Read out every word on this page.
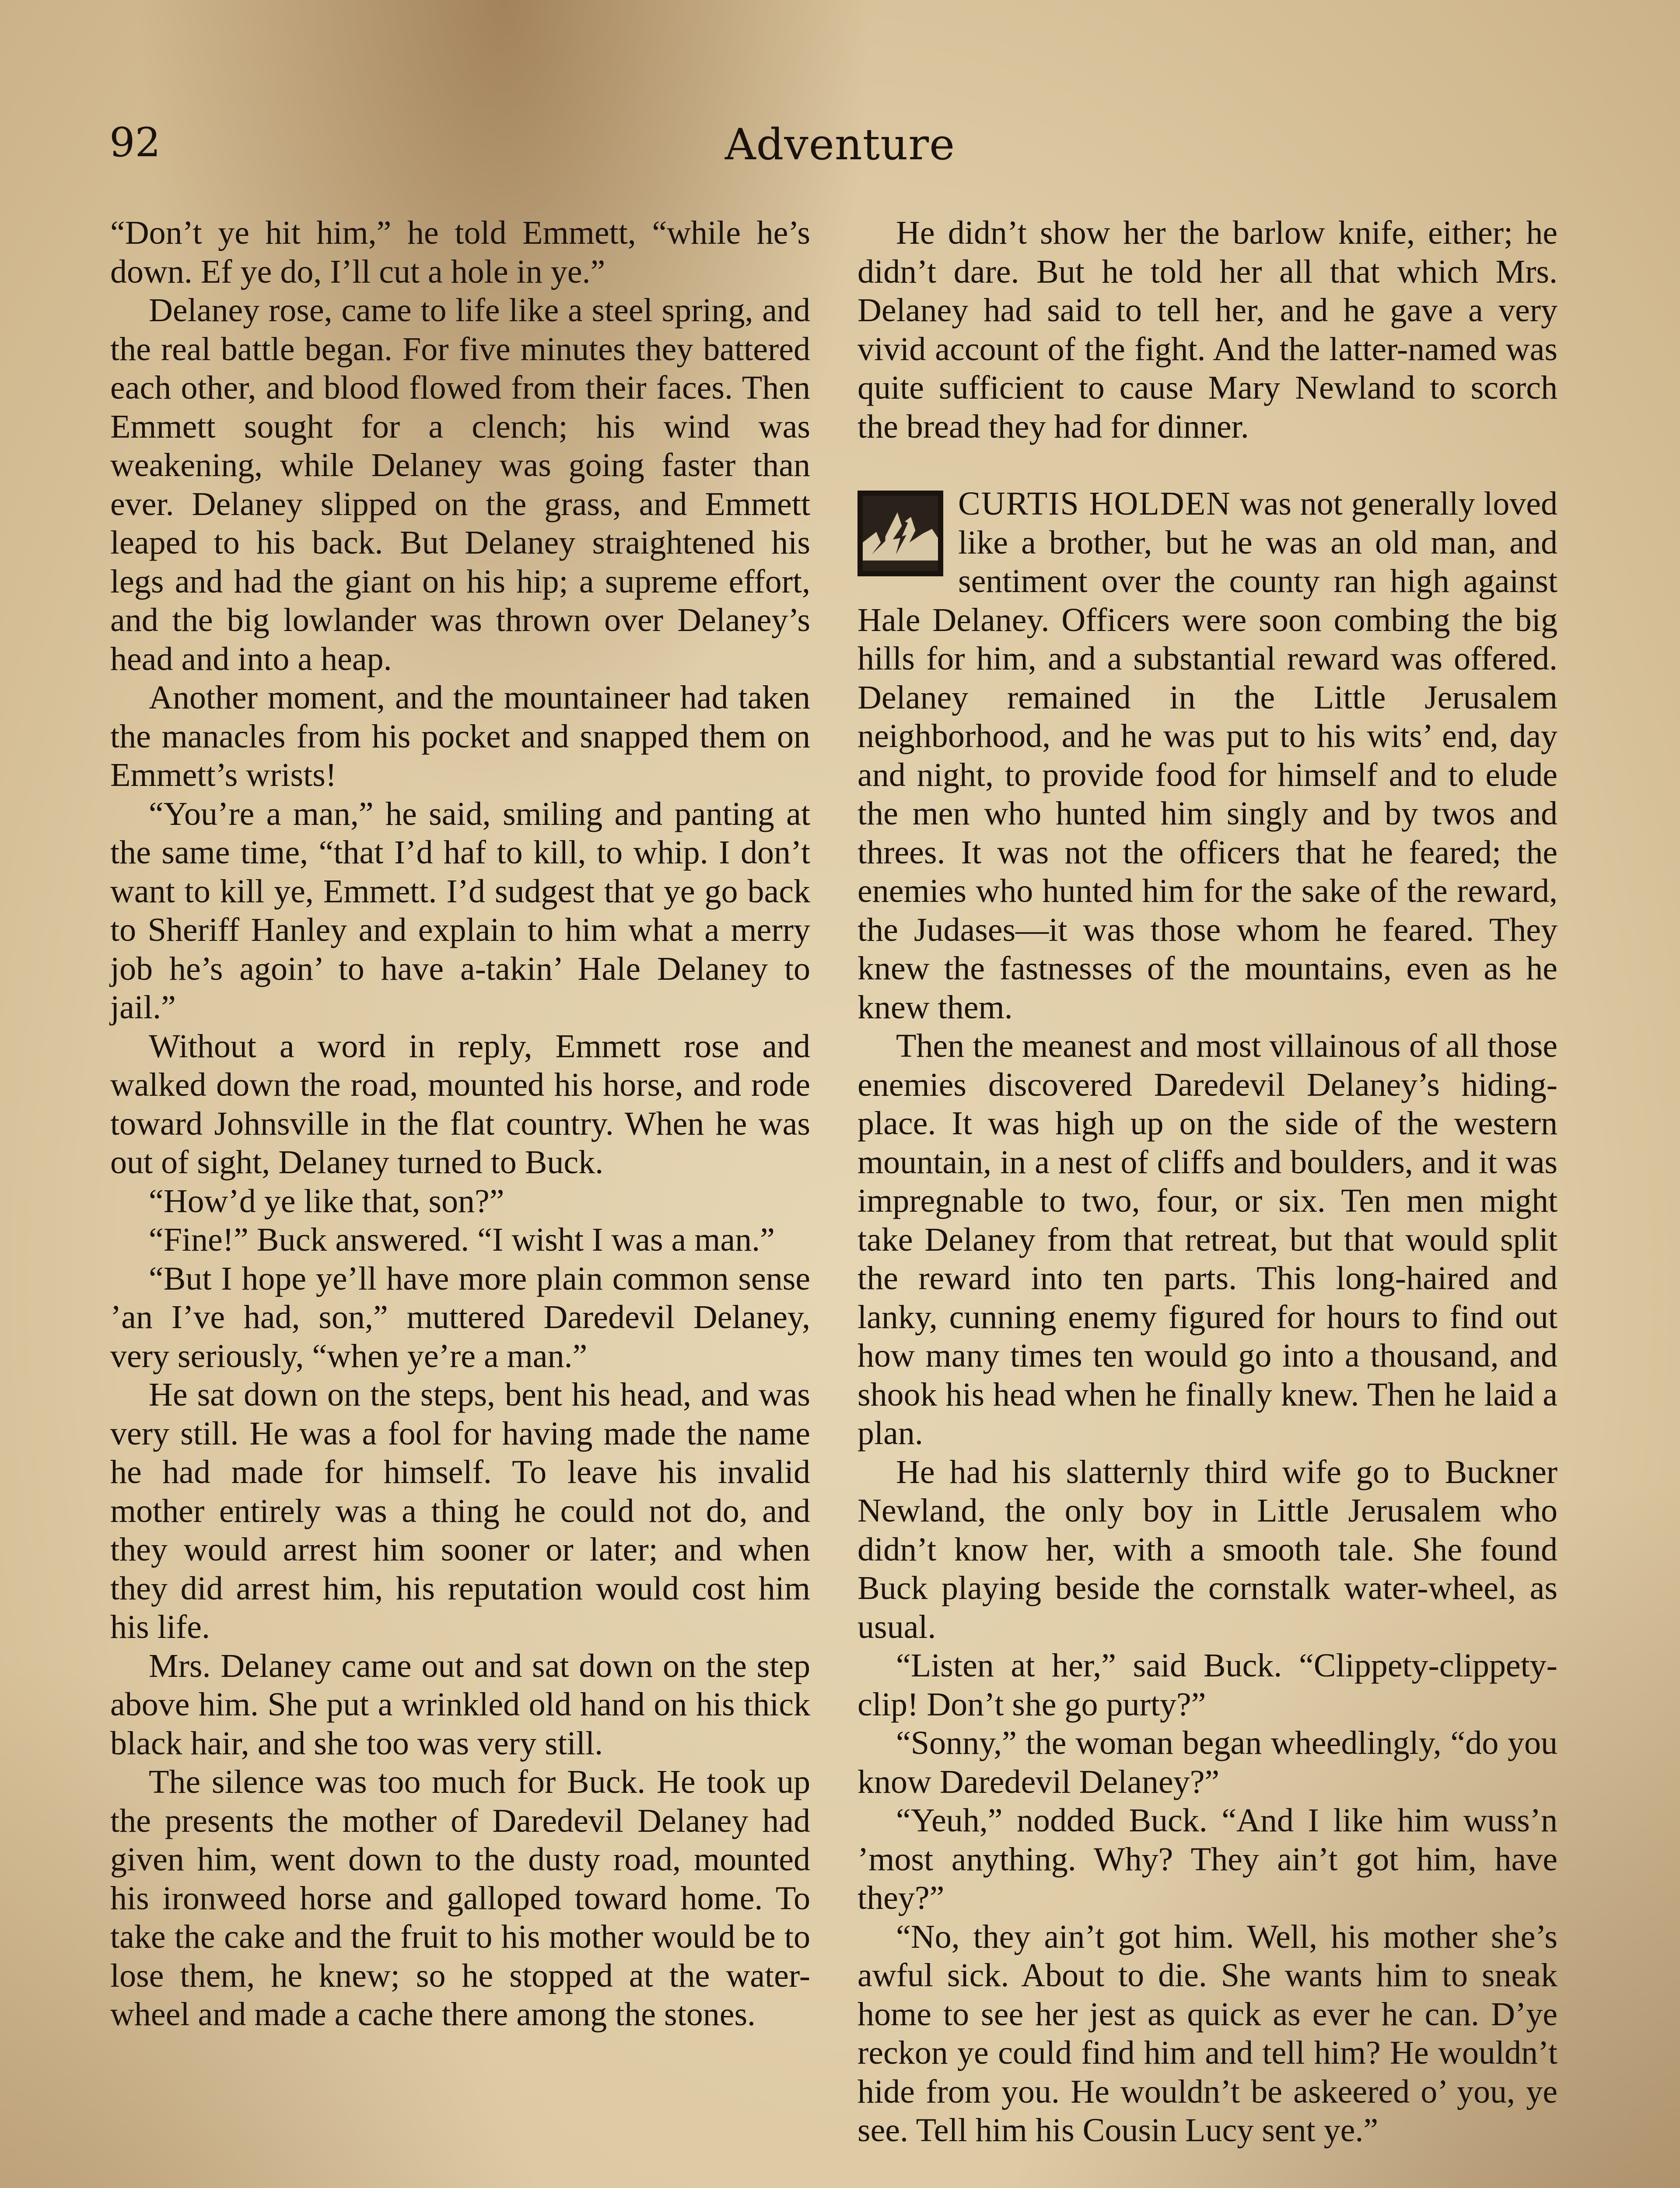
92	Adventure

“Don’t ye hit him,” he told Emmett, “while he’s down. Ef ye do, I’ll cut a hole in ye.”

Delaney rose, came to life like a steel spring, and the real battle began. For five minutes they battered each other, and blood flowed from their faces. Then Emmett sought for a clench; his wind was weakening, while Delaney was going faster than ever. Delaney slipped on the grass, and Emmett leaped to his back. But Delaney straightened his legs and had the giant on his hip; a supreme effort, and the big lowlander was thrown over Delaney’s head and into a heap.

Another moment, and the mountaineer had taken the manacles from his pocket and snapped them on Emmett’s wrists!

“You’re a man,” he said, smiling and panting at the same time, “that I’d haf to kill, to whip. I don’t want to kill ye, Emmett. I’d sudgest that ye go back to Sheriff Hanley and explain to him what a merry job he’s agoin’ to have a-takin’ Hale Delaney to jail.”

Without a word in reply, Emmett rose and walked down the road, mounted his horse, and rode toward Johnsville in the flat country. When he was out of sight, Delaney turned to Buck.

“How’d ye like that, son?”

“Fine!” Buck answered. “I wisht I was a man.”

“But I hope ye’ll have more plain common sense ’an I’ve had, son,” muttered Daredevil Delaney, very seriously, “when ye’re a man.”

He sat down on the steps, bent his head, and was very still. He was a fool for having made the name he had made for himself. To leave his invalid mother entirely was a thing he could not do, and they would arrest him sooner or later; and when they did arrest him, his reputation would cost him his life.

Mrs. Delaney came out and sat down on the step above him. She put a wrinkled old hand on his thick black hair, and she too was very still.

The silence was too much for Buck. He took up the presents the mother of Daredevil Delaney had given him, went down to the dusty road, mounted his ironweed horse and galloped toward home. To take the cake and the fruit to his mother would be to lose them, he knew; so he stopped at the water-wheel and made a cache there among the stones.

He didn’t show her the barlow knife, either; he didn’t dare. But he told her all that which Mrs. Delaney had said to tell her, and he gave a very vivid account of the fight. And the latter-named was quite sufficient to cause Mary Newland to scorch the bread they had for dinner.

CURTIS HOLDEN was not generally loved like a brother, but he was an old man, and sentiment over the county ran high against Hale Delaney. Officers were soon combing the big hills for him, and a substantial reward was offered. Delaney remained in the Little Jerusalem neighborhood, and he was put to his wits’ end, day and night, to provide food for himself and to elude the men who hunted him singly and by twos and threes. It was not the officers that he feared; the enemies who hunted him for the sake of the reward, the Judases—it was those whom he feared. They knew the fastnesses of the mountains, even as he knew them.

Then the meanest and most villainous of all those enemies discovered Daredevil Delaney’s hiding-place. It was high up on the side of the western mountain, in a nest of cliffs and boulders, and it was impregnable to two, four, or six. Ten men might take Delaney from that retreat, but that would split the reward into ten parts. This long-haired and lanky, cunning enemy figured for hours to find out how many times ten would go into a thousand, and shook his head when he finally knew. Then he laid a plan.

He had his slatternly third wife go to Buckner Newland, the only boy in Little Jerusalem who didn’t know her, with a smooth tale. She found Buck playing beside the cornstalk water-wheel, as usual.

“Listen at her,” said Buck. “Clippety-clippety-clip! Don’t she go purty?”

“Sonny,” the woman began wheedlingly, “do you know Daredevil Delaney?”

“Yeuh,” nodded Buck. “And I like him wuss’n ’most anything. Why? They ain’t got him, have they?”

“No, they ain’t got him. Well, his mother she’s awful sick. About to die. She wants him to sneak home to see her jest as quick as ever he can. D’ye reckon ye could find him and tell him? He wouldn’t hide from you. He wouldn’t be askeered o’ you, ye see. Tell him his Cousin Lucy sent ye.”
